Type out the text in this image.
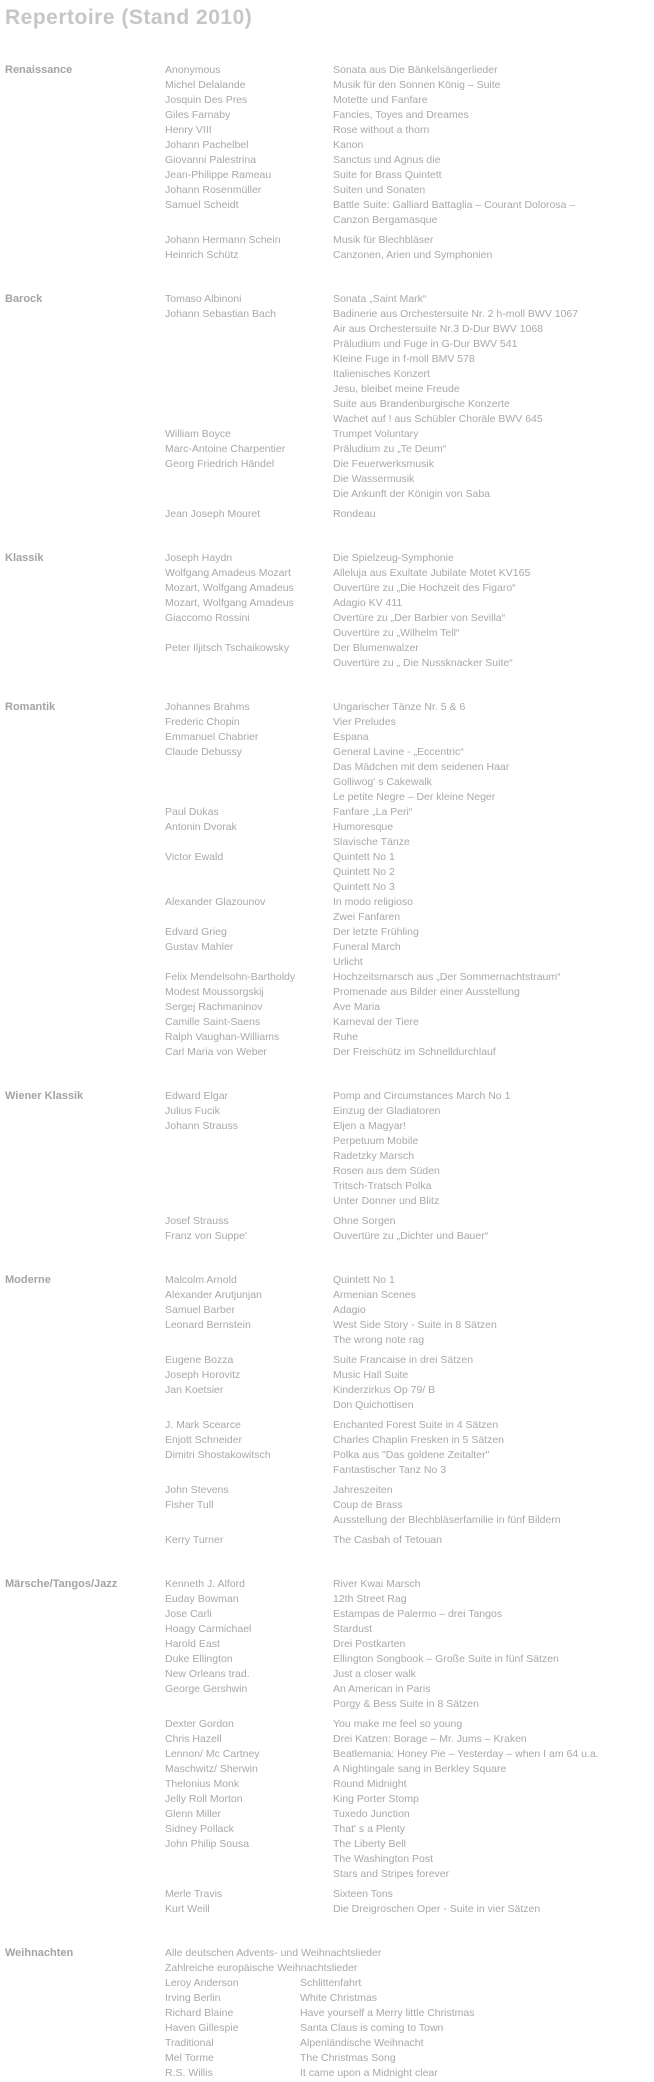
Repertoire (Stand 2010)
Renaissance	Anonymous	Sonata aus Die Bänkelsängerlieder
Michel Delalande	Musik für den Sonnen König – Suite
Josquin Des Pres	Motette und Fanfare
Giles Farnaby	Fancies, Toyes and Dreames
Henry VIII	Rose without a thorn
Johann Pachelbel	Kanon
Giovanni Palestrina	Sanctus und Agnus die
Jean-Philippe Rameau	Suite for Brass Quintett
Johann Rosenmüller	Suiten und Sonaten
Samuel Scheidt	Battle Suite: Galliard Battaglia – Courant Dolorosa –
Canzon Bergamasque
Johann Hermann Schein	Musik für Blechbläser
Heinrich Schütz	Canzonen, Arien und Symphonien
Barock	Tomaso Albinoni	Sonata „Saint Mark“
Johann Sebastian Bach	Badinerie aus Orchestersuite Nr. 2 h-moll BWV 1067
Air aus Orchestersuite Nr.3 D-Dur BWV 1068
Präludium und Fuge in G-Dur BWV 541
Kleine Fuge in f-moll BMV 578
Italienisches Konzert
Jesu, bleibet meine Freude
Suite aus Brandenburgische Konzerte
Wachet auf ! aus Schübler Choräle BWV 645
William Boyce	Trumpet Voluntary
Marc-Antoine Charpentier	Präludium zu „Te Deum“
Georg Friedrich Händel	Die Feuerwerksmusik
Die Wassermusik
Die Ankunft der Königin von Saba
Jean Joseph Mouret	Rondeau
Klassik	Joseph Haydn	Die Spielzeug-Symphonie
Wolfgang Amadeus Mozart	Alleluja aus Exultate Jubilate Motet KV165
Mozart, Wolfgang Amadeus	Ouvertüre zu „Die Hochzeit des Figaro“
Mozart, Wolfgang Amadeus	Adagio KV 411
Giaccomo Rossini	Overtüre zu „Der Barbier von Sevilla“
Ouvertüre zu „Wilhelm Tell“
Peter Iljitsch Tschaikowsky	Der Blumenwalzer
Ouvertüre zu „ Die Nussknacker Suite“
Romantik	Johannes Brahms	Ungarischer Tänze Nr. 5 & 6
Frederic Chopin	Vier Preludes
Emmanuel Chabrier	Espana
Claude Debussy	General Lavine - „Eccentric“
Das Mädchen mit dem seidenen Haar
Golliwog' s Cakewalk
Le petite Negre – Der kleine Neger
Paul Dukas	Fanfare „La Peri“
Antonin Dvorak	Humoresque
Slavische Tänze
Victor Ewald	Quintett No 1
Quintett No 2
Quintett No 3
Alexander Glazounov	In modo religioso
Zwei Fanfaren
Edvard Grieg	Der letzte Frühling
Gustav Mahler	Funeral March
Urlicht
Felix Mendelsohn-Bartholdy	Hochzeitsmarsch aus „Der Sommernachtstraum“
Modest Moussorgskij	Promenade aus Bilder einer Ausstellung
Sergej Rachmaninov	Ave Maria
Camille Saint-Saens	Karneval der Tiere
Ralph Vaughan-Williams	Ruhe
Carl Maria von Weber	Der Freischütz im Schnelldurchlauf
Wiener Klassik	Edward Elgar	Pomp and Circumstances March No 1
Julius Fucik	Einzug der Gladiatoren
Johann Strauss	Eljen a Magyar!
Perpetuum Mobile
Radetzky Marsch
Rosen aus dem Süden
Tritsch-Tratsch Polka
Unter Donner und Blitz
Josef Strauss	Ohne Sorgen
Franz von Suppe'	Ouvertüre zu „Dichter und Bauer“
Moderne	Malcolm Arnold	Quintett No 1
Alexander Arutjunjan	Armenian Scenes
Samuel Barber	Adagio
Leonard Bernstein	West Side Story - Suite in 8 Sätzen
The wrong note rag
Eugene Bozza	Suite Francaise in drei Sätzen
Joseph Horovitz	Music Hall Suite
Jan Koetsier	Kinderzirkus Op 79/ B
Don Quichottisen
J. Mark Scearce	Enchanted Forest Suite in 4 Sätzen
Enjott Schneider	Charles Chaplin Fresken in 5 Sätzen
Dimitri Shostakowitsch	Polka aus "Das goldene Zeitalter"
Fantastischer Tanz No 3
John Stevens	Jahreszeiten
Fisher Tull	Coup de Brass
Ausstellung der Blechbläserfamilie in fünf Bildern
Kerry Turner	The Casbah of Tetouan
Märsche/Tangos/Jazz	Kenneth J. Alford	River Kwai Marsch
Euday Bowman	12th Street Rag
Jose Carli	Estampas de Palermo – drei Tangos
Hoagy Carmichael	Stardust
Harold East	Drei Postkarten
Duke Ellington	Ellington Songbook – Große Suite in fünf Sätzen
New Orleans trad.	Just a closer walk
George Gershwin	An American in Paris
Porgy & Bess Suite in 8 Sätzen
Dexter Gordon	You make me feel so young
Chris Hazell	Drei Katzen: Borage – Mr. Jums – Kraken
Lennon/ Mc Cartney	Beatlemania: Honey Pie – Yesterday – when I am 64 u.a.
Maschwitz/ Sherwin	A Nightingale sang in Berkley Square
Thelonius Monk	Round Midnight
Jelly Roll Morton	King Porter Stomp
Glenn Miller	Tuxedo Junction
Sidney Pollack	That' s a Plenty
John Philip Sousa	The Liberty Bell
The Washington Post
Stars and Stripes forever
Merle Travis	Sixteen Tons
Kurt Weill	Die Dreigroschen Oper - Suite in vier Sätzen
Weihnachten	Alle deutschen Advents- und Weihnachtslieder
Zahlreiche europäische Weihnachtslieder
Leroy Anderson	Schlittenfahrt
Irving Berlin	White Christmas
Richard Blaine	Have yourself a Merry little Christmas
Haven Gillespie	Santa Claus is coming to Town
Traditional	Alpenländische Weihnacht
Mel Torme	The Christmas Song
R.S. Willis	It came upon a Midnight clear
